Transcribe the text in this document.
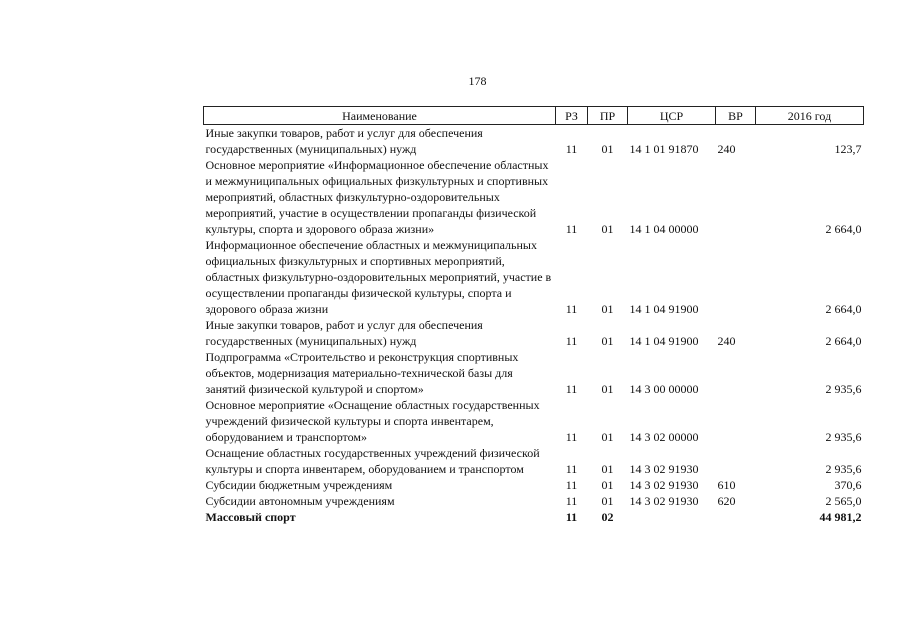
178
Наименование	РЗ	ПР	ЦСР	ВР	2016 год
Иные закупки товаров, работ и услуг для обеспечения государственных (муниципальных) нужд	11	01	14 1 01 91870	240	123,7
Основное мероприятие «Информационное обеспечение областных и межмуниципальных официальных физкультурных и спортивных мероприятий, областных физкультурно-оздоровительных мероприятий, участие в осуществлении пропаганды физической культуры, спорта и здорового образа жизни»	11	01	14 1 04 00000		2 664,0
Информационное обеспечение областных и межмуниципальных официальных физкультурных и спортивных мероприятий, областных физкультурно-оздоровительных мероприятий, участие в осуществлении пропаганды физической культуры, спорта и здорового образа жизни	11	01	14 1 04 91900		2 664,0
Иные закупки товаров, работ и услуг для обеспечения государственных (муниципальных) нужд	11	01	14 1 04 91900	240	2 664,0
Подпрограмма «Строительство и реконструкция спортивных объектов, модернизация материально-технической базы для занятий физической культурой и спортом»	11	01	14 3 00 00000		2 935,6
Основное мероприятие «Оснащение областных государственных учреждений физической культуры и спорта инвентарем, оборудованием и транспортом»	11	01	14 3 02 00000		2 935,6
Оснащение областных государственных учреждений физической культуры и спорта инвентарем, оборудованием и транспортом	11	01	14 3 02 91930		2 935,6
Субсидии бюджетным учреждениям	11	01	14 3 02 91930	610	370,6
Субсидии автономным учреждениям	11	01	14 3 02 91930	620	2 565,0
Массовый спорт	11	02			44 981,2
